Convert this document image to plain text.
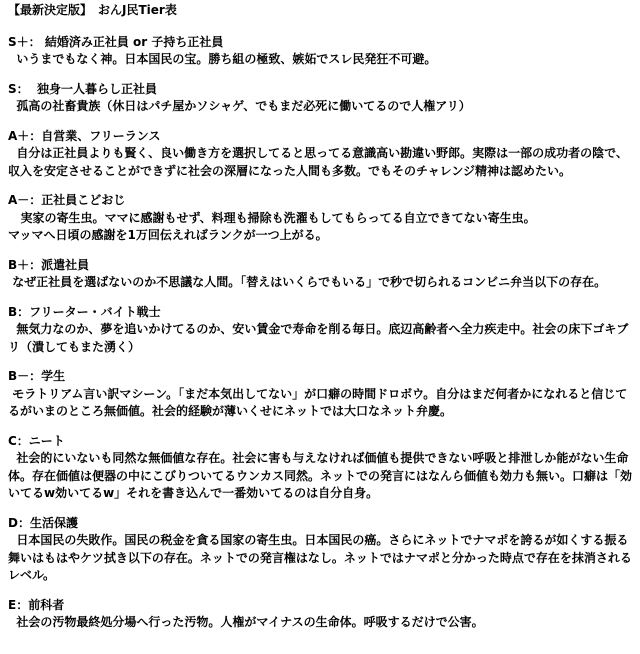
【最新決定版】　おんJ民Tier表
S＋： 結婚済み正社員 or 子持ち正社員
いうまでもなく神。日本国民の宝。勝ち組の極致、嫉妬でスレ民発狂不可避。
S：  独身一人暮らし正社員
孤高の社畜貴族（休日はパチ屋かソシャゲ、でもまだ必死に働いてるので人権アリ）
A＋：自営業、フリーランス
自分は正社員よりも賢く、良い働き方を選択してると思ってる意識高い勘違い野郎。実際は一部の成功者の陰で、収入を安定させることができずに社会の深層になった人間も多数。でもそのチャレンジ精神は認めたい。
A－：正社員こどおじ
実家の寄生虫。ママに感謝もせず、料理も掃除も洗濯もしてもらってる自立できてない寄生虫。
マッマへ日頃の感謝を1万回伝えればランクが一つ上がる。
B＋：派遣社員
なぜ正社員を選ばないのか不思議な人間。「替えはいくらでもいる」で秒で切られるコンビニ弁当以下の存在。
B：フリーター・バイト戦士
無気力なのか、夢を追いかけてるのか、安い賃金で寿命を削る毎日。底辺高齢者へ全力疾走中。社会の床下ゴキブリ（潰してもまた湧く）
B－：学生
モラトリアム言い訳マシーン。「まだ本気出してない」が口癖の時間ドロボウ。自分はまだ何者かになれると信じてるがいまのところ無価値。社会的経験が薄いくせにネットでは大口なネット弁慶。
C：ニート
社会的にいないも同然な無価値な存在。社会に害も与えなければ価値も提供できない呼吸と排泄しか能がない生命体。存在価値は便器の中にこびりついてるウンカス同然。ネットでの発言にはなんら価値も効力も無い。口癖は「効いてるw効いてるw」それを書き込んで一番効いてるのは自分自身。
D：生活保護
日本国民の失敗作。国民の税金を貪る国家の寄生虫。日本国民の癌。さらにネットでナマポを誇るが如くする振る舞いはもはやケツ拭き以下の存在。ネットでの発言権はなし。ネットではナマポと分かった時点で存在を抹消されるレベル。
E：前科者
社会の汚物最終処分場へ行った汚物。人権がマイナスの生命体。呼吸するだけで公害。
